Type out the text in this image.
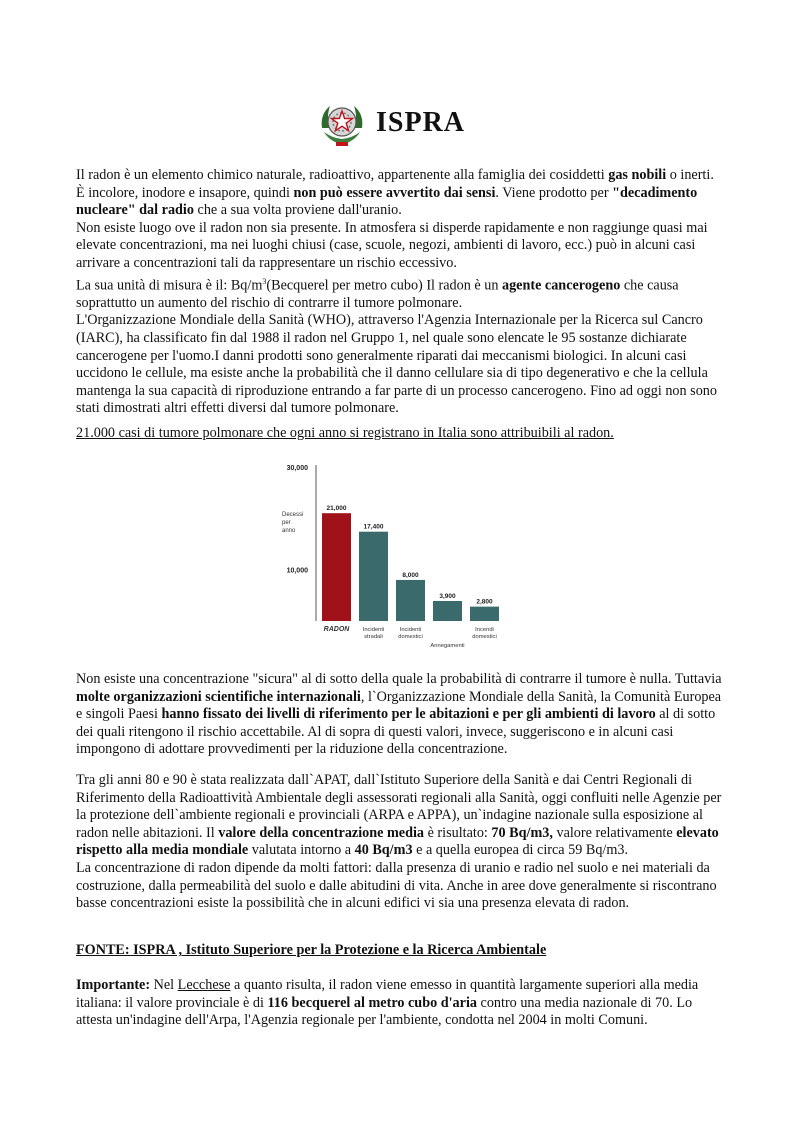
ISPRA
Il radon è un elemento chimico naturale, radioattivo, appartenente alla famiglia dei cosiddetti gas nobili o inerti. È incolore, inodore e insapore, quindi non può essere avvertito dai sensi. Viene prodotto per "decadimento nucleare" dal radio che a sua volta proviene dall'uranio.
Non esiste luogo ove il radon non sia presente. In atmosfera si disperde rapidamente e non raggiunge quasi mai elevate concentrazioni, ma nei luoghi chiusi (case, scuole, negozi, ambienti di lavoro, ecc.) può in alcuni casi arrivare a concentrazioni tali da rappresentare un rischio eccessivo.
La sua unità di misura è il: $Bq/m^3(Becquerel$ per metro cubo) Il radon è un agente cancerogeno che causa soprattutto un aumento del rischio di contrarre il tumore polmonare.
L'Organizzazione Mondiale della Sanità (WHO), attraverso l'Agenzia Internazionale per la Ricerca sul Cancro (IARC), ha classificato fin dal 1988 il radon nel Gruppo 1, nel quale sono elencate le 95 sostanze dichiarate cancerogene per l'uomo.I danni prodotti sono generalmente riparati dai meccanismi biologici. In alcuni casi uccidono le cellule, ma esiste anche la probabilità che il danno cellulare sia di tipo degenerativo e che la cellula mantenga la sua capacità di riproduzione entrando a far parte di un processo cancerogeno. Fino ad oggi non sono stati dimostrati altri effetti diversi dal tumore polmonare.
21.000 casi di tumore polmonare che ogni anno si registrano in Italia sono attribuibili al radon.
10,000
30,000
Decessi
per
anno
21,000
RADON
17,400
Incidenti
stradali
8,000
Incidenti
domestici
3,900
Annegamenti
2,800
Incendi
domestici
Non esiste una concentrazione "sicura" al di sotto della quale la probabilità di contrarre il tumore è nulla. Tuttavia molte organizzazioni scientifiche internazionali, l`Organizzazione Mondiale della Sanità, la Comunità Europea e singoli Paesi hanno fissato dei livelli di riferimento per le abitazioni e per gli ambienti di lavoro al di sotto dei quali ritengono il rischio accettabile. Al di sopra di questi valori, invece, suggeriscono e in alcuni casi impongono di adottare provvedimenti per la riduzione della concentrazione.
Tra gli anni 80 e 90 è stata realizzata dall`APAT, dall`Istituto Superiore della Sanità e dai Centri Regionali di Riferimento della Radioattività Ambientale degli assessorati regionali alla Sanità, oggi confluiti nelle Agenzie per la protezione dell`ambiente regionali e provinciali (ARPA e APPA), un`indagine nazionale sulla esposizione al radon nelle abitazioni. Il valore della concentrazione media è risultato: 70 Bq/m3, valore relativamente elevato rispetto alla media mondiale valutata intorno a 40 Bq/m3 e a quella europea di circa 59 Bq/m3.
La concentrazione di radon dipende da molti fattori: dalla presenza di uranio e radio nel suolo e nei materiali da costruzione, dalla permeabilità del suolo e dalle abitudini di vita. Anche in aree dove generalmente si riscontrano basse concentrazioni esiste la possibilità che in alcuni edifici vi sia una presenza elevata di radon.
FONTE: ISPRA , Istituto Superiore per la Protezione e la Ricerca Ambientale
Importante: Nel Lecchese a quanto risulta, il radon viene emesso in quantità largamente superiori alla media italiana: il valore provinciale è di 116 becquerel al metro cubo d'aria contro una media nazionale di 70. Lo attesta un'indagine dell'Arpa, l'Agenzia regionale per l'ambiente, condotta nel 2004 in molti Comuni.
